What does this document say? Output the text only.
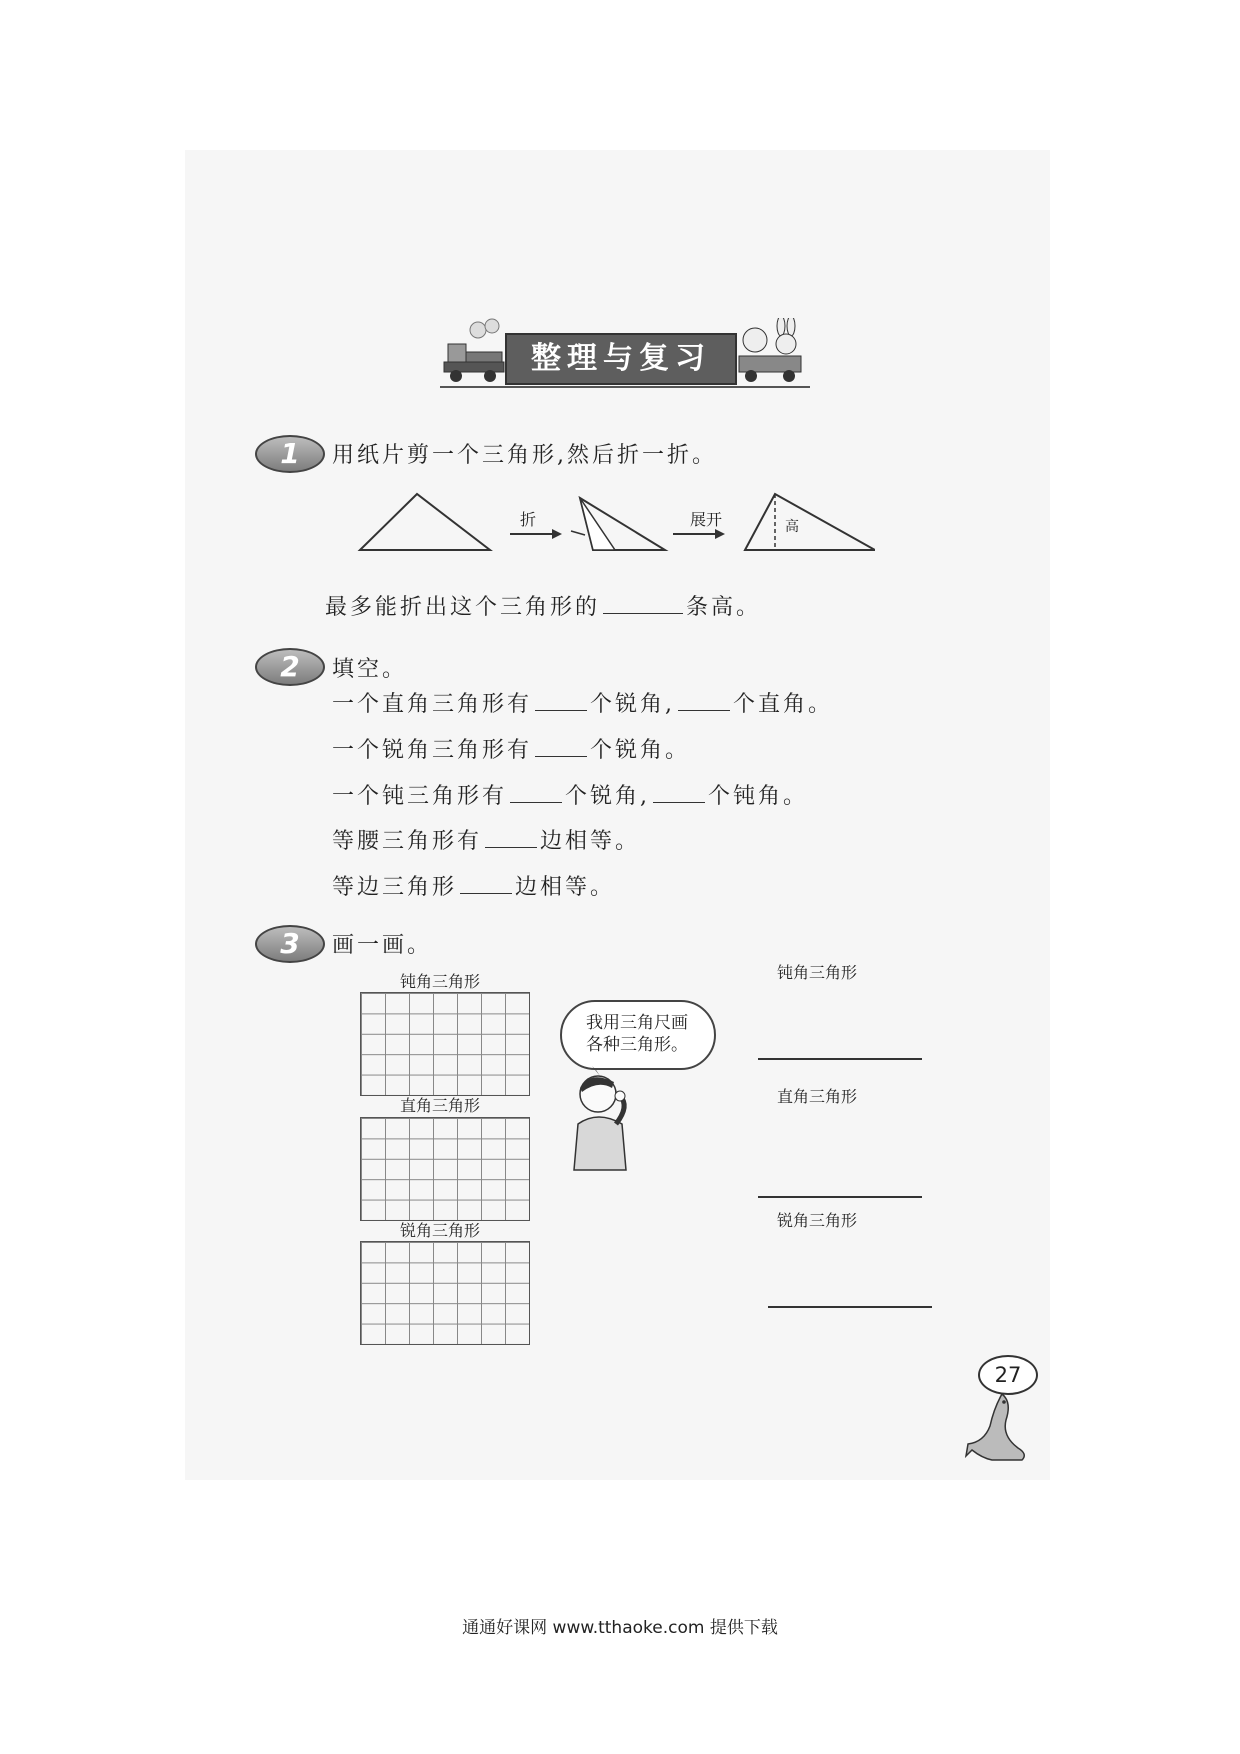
整理与复习
1	用纸片剪一个三角形,然后折一折。
折	展开	高
最多能折出这个三角形的	条高。
2	填空。
一个直角三角形有	个锐角,	个直角。
一个锐角三角形有	个锐角。
一个钝三角形有	个锐角,	个钝角。
等腰三角形有	边相等。
等边三角形	边相等。
3	画一画。
钝角三角形
直角三角形
锐角三角形
我用三角尺画
各种三角形。
钝角三角形
直角三角形
锐角三角形
27
通通好课网 www.tthaoke.com 提供下载
